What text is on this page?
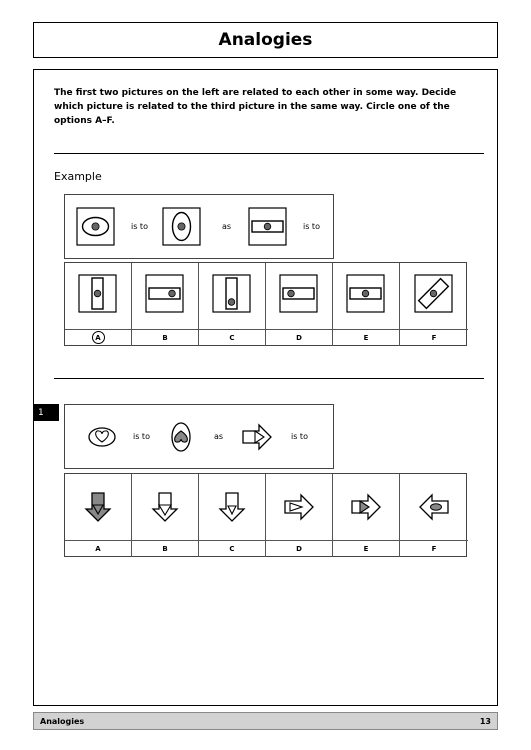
Analogies
The first two pictures on the left are related to each other in some way. Decide which picture is related to the third picture in the same way. Circle one of the options A–F.
Example
is to	as	is to
A	B	C	D	E	F
1
is to	as	is to
A	B	C	D	E	F
Analogies	13
